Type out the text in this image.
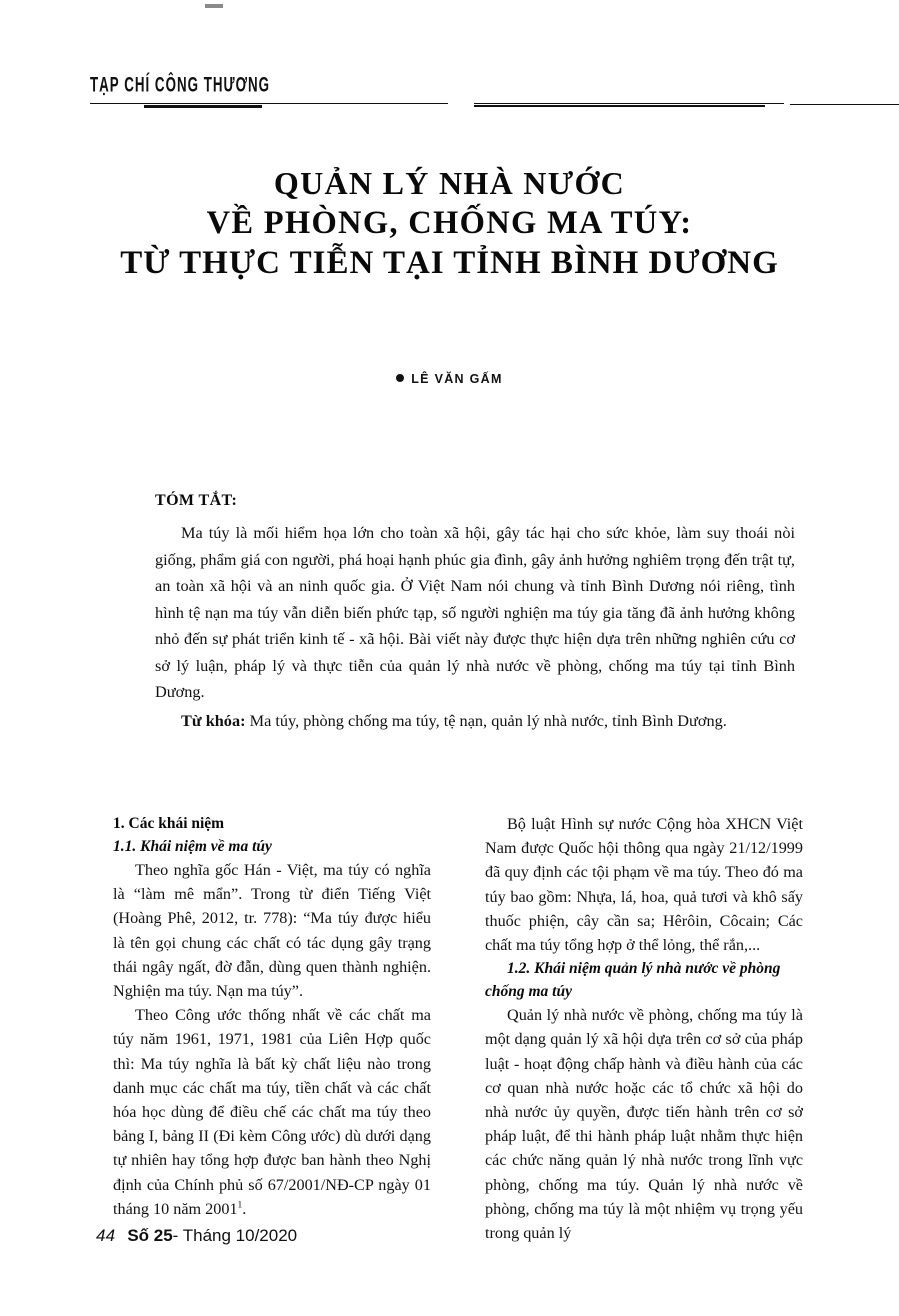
TẠP CHÍ CÔNG THƯƠNG
QUẢN LÝ NHÀ NƯỚC
VỀ PHÒNG, CHỐNG MA TÚY:
TỪ THỰC TIỄN TẠI TỈNH BÌNH DƯƠNG
LÊ VĂN GẤM
TÓM TẮT:
Ma túy là mối hiểm họa lớn cho toàn xã hội, gây tác hại cho sức khỏe, làm suy thoái nòi giống, phẩm giá con người, phá hoại hạnh phúc gia đình, gây ảnh hưởng nghiêm trọng đến trật tự, an toàn xã hội và an ninh quốc gia. Ở Việt Nam nói chung và tỉnh Bình Dương nói riêng, tình hình tệ nạn ma túy vẫn diễn biến phức tạp, số người nghiện ma túy gia tăng đã ảnh hưởng không nhỏ đến sự phát triển kinh tế - xã hội. Bài viết này được thực hiện dựa trên những nghiên cứu cơ sở lý luận, pháp lý và thực tiễn của quản lý nhà nước về phòng, chống ma túy tại tỉnh Bình Dương.
Từ khóa: Ma túy, phòng chống ma túy, tệ nạn, quản lý nhà nước, tỉnh Bình Dương.
1. Các khái niệm
1.1. Khái niệm về ma túy
Theo nghĩa gốc Hán - Việt, ma túy có nghĩa là “làm mê mẩn”. Trong từ điển Tiếng Việt (Hoàng Phê, 2012, tr. 778): “Ma túy được hiểu là tên gọi chung các chất có tác dụng gây trạng thái ngây ngất, đờ đẫn, dùng quen thành nghiện. Nghiện ma túy. Nạn ma túy”.
Theo Công ước thống nhất về các chất ma túy năm 1961, 1971, 1981 của Liên Hợp quốc thì: Ma túy nghĩa là bất kỳ chất liệu nào trong danh mục các chất ma túy, tiền chất và các chất hóa học dùng để điều chế các chất ma túy theo bảng I, bảng II (Đi kèm Công ước) dù dưới dạng tự nhiên hay tổng hợp được ban hành theo Nghị định của Chính phủ số 67/2001/NĐ-CP ngày 01 tháng 10 năm 2001$^1$.
Bộ luật Hình sự nước Cộng hòa XHCN Việt Nam được Quốc hội thông qua ngày 21/12/1999 đã quy định các tội phạm về ma túy. Theo đó ma túy bao gồm: Nhựa, lá, hoa, quả tươi và khô sấy thuốc phiện, cây cần sa; Hêrôin, Côcain; Các chất ma túy tổng hợp ở thể lỏng, thể rắn,...
1.2. Khái niệm quản lý nhà nước về phòng
chống ma túy
Quản lý nhà nước về phòng, chống ma túy là một dạng quản lý xã hội dựa trên cơ sở của pháp luật - hoạt động chấp hành và điều hành của các cơ quan nhà nước hoặc các tổ chức xã hội do nhà nước ủy quyền, được tiến hành trên cơ sở pháp luật, để thi hành pháp luật nhằm thực hiện các chức năng quản lý nhà nước trong lĩnh vực phòng, chống ma túy. Quản lý nhà nước về phòng, chống ma túy là một nhiệm vụ trọng yếu trong quản lý
44 Số 25- Tháng 10/2020
